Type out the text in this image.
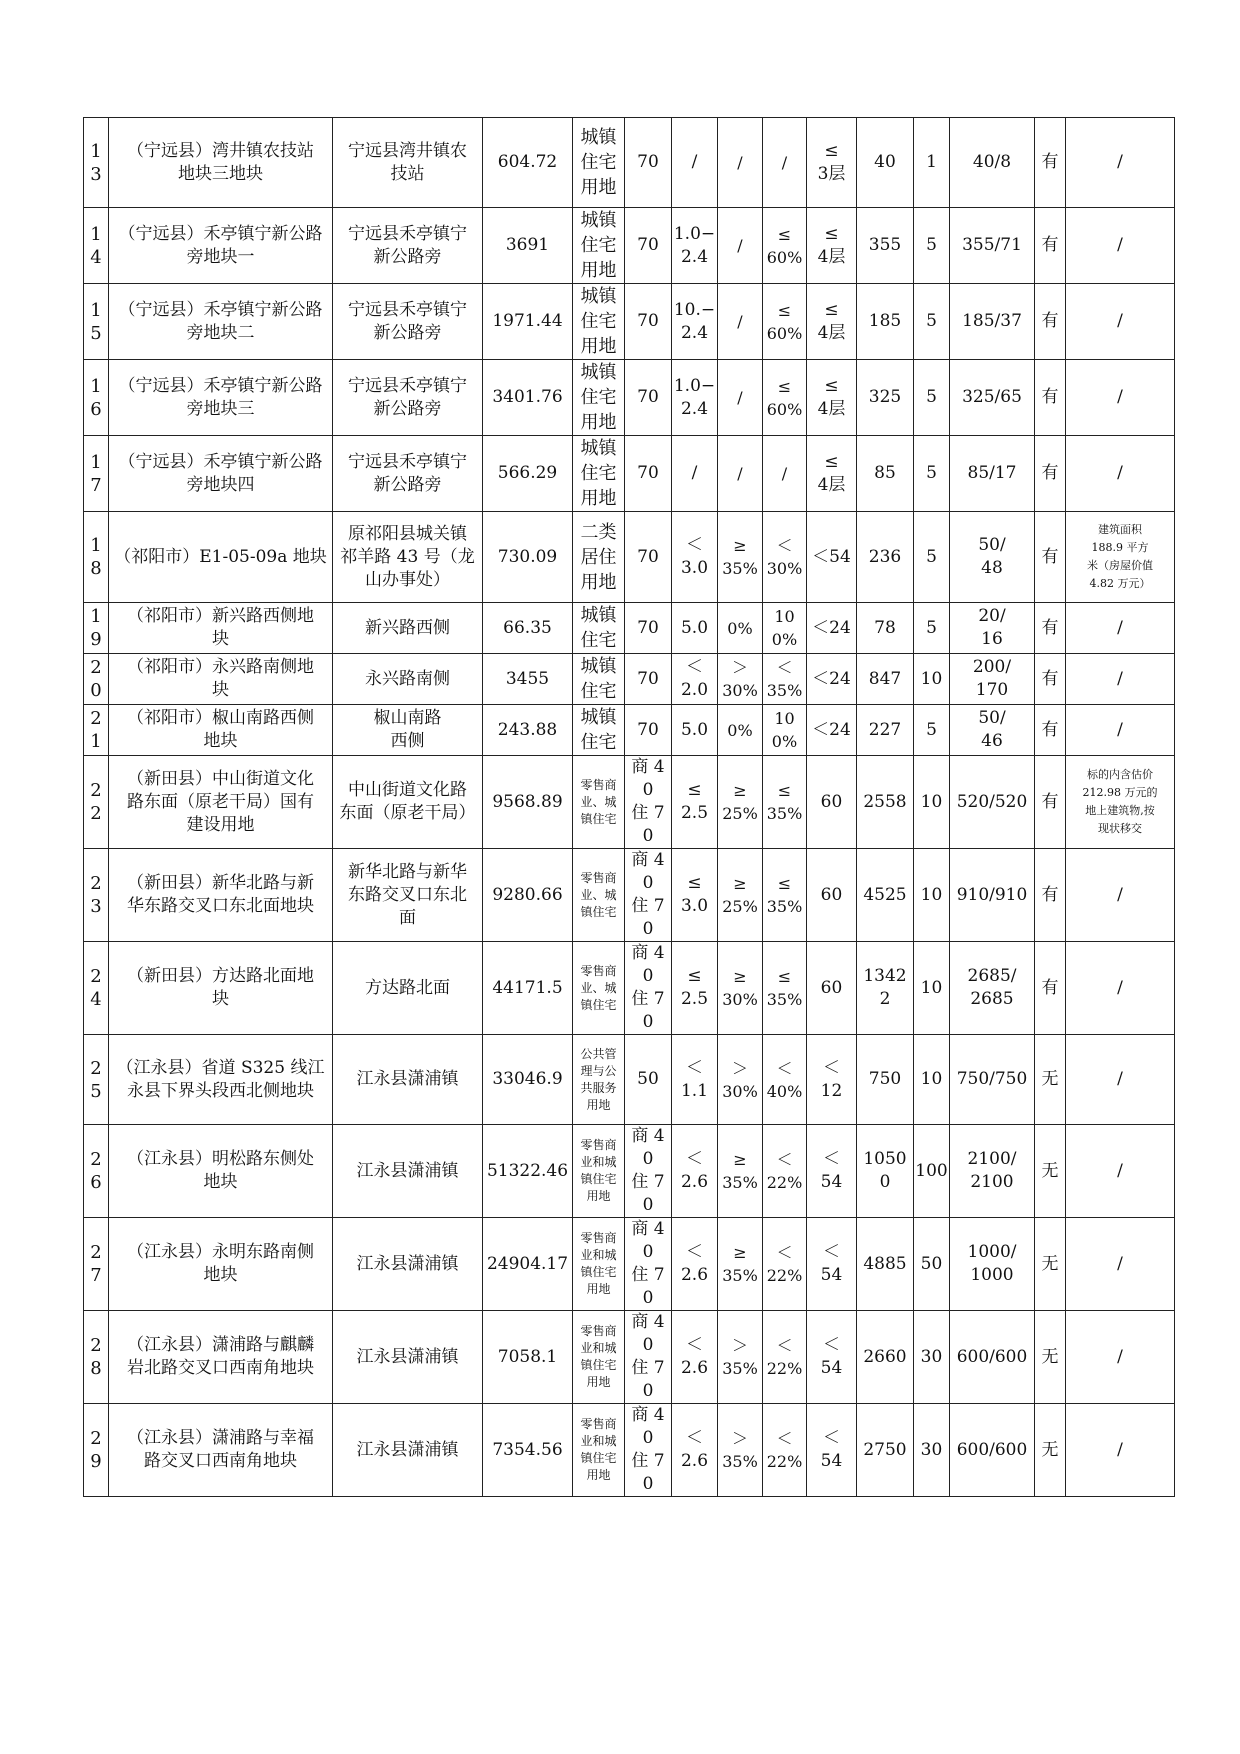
13	（宁远县）湾井镇农技站
地块三地块	宁远县湾井镇农
技站	604.72	城镇
住宅
用地	70	/	/	/	≤
3层	40	1	40/8	有	/
14	（宁远县）禾亭镇宁新公路
旁地块一	宁远县禾亭镇宁
新公路旁	3691	城镇
住宅
用地	70	1.0−
2.4	/	≤
60%	≤
4层	355	5	355/71	有	/
15	（宁远县）禾亭镇宁新公路
旁地块二	宁远县禾亭镇宁
新公路旁	1971.44	城镇
住宅
用地	70	10.−
2.4	/	≤
60%	≤
4层	185	5	185/37	有	/
16	（宁远县）禾亭镇宁新公路
旁地块三	宁远县禾亭镇宁
新公路旁	3401.76	城镇
住宅
用地	70	1.0−
2.4	/	≤
60%	≤
4层	325	5	325/65	有	/
17	（宁远县）禾亭镇宁新公路
旁地块四	宁远县禾亭镇宁
新公路旁	566.29	城镇
住宅
用地	70	/	/	/	≤
4层	85	5	85/17	有	/
18	（祁阳市）E1-05-09a 地块	原祁阳县城关镇
祁羊路 43 号（龙
山办事处）	730.09	二类
居住
用地	70	＜
3.0	≥
35%	＜
30%	＜54	236	5	50/
48	有	建筑面积
188.9 平方
米（房屋价值
4.82 万元）
19	（祁阳市）新兴路西侧地
块	新兴路西侧	66.35	城镇
住宅	70	5.0	0%	100%	＜24	78	5	20/
16	有	/
20	（祁阳市）永兴路南侧地
块	永兴路南侧	3455	城镇
住宅	70	＜
2.0	＞
30%	＜
35%	＜24	847	10	200/
170	有	/
21	（祁阳市）椒山南路西侧
地块	椒山南路
西侧	243.88	城镇
住宅	70	5.0	0%	100%	＜24	227	5	50/
46	有	/
22	（新田县）中山街道文化
路东面（原老干局）国有
建设用地	中山街道文化路
东面（原老干局）	9568.89	零售商
业、城
镇住宅	商 40
住 70	≤
2.5	≥
25%	≤
35%	60	2558	10	520/520	有	标的内含估价
212.98 万元的
地上建筑物,按
现状移交
23	（新田县）新华北路与新
华东路交叉口东北面地块	新华北路与新华
东路交叉口东北
面	9280.66	零售商
业、城
镇住宅	商 40
住 70	≤
3.0	≥
25%	≤
35%	60	4525	10	910/910	有	/
24	（新田县）方达路北面地
块	方达路北面	44171.5	零售商
业、城
镇住宅	商 40
住 70	≤
2.5	≥
30%	≤
35%	60	13422	10	2685/
2685	有	/
25	（江永县）省道 S325 线江
永县下界头段西北侧地块	江永县潇浦镇	33046.9	公共管
理与公
共服务
用地	50	＜
1.1	＞
30%	＜
40%	＜
12	750	10	750/750	无	/
26	（江永县）明松路东侧处
地块	江永县潇浦镇	51322.46	零售商
业和城
镇住宅
用地	商 40
住 70	＜
2.6	≥
35%	＜
22%	＜
54	10500	100	2100/
2100	无	/
27	（江永县）永明东路南侧
地块	江永县潇浦镇	24904.17	零售商
业和城
镇住宅
用地	商 40
住 70	＜
2.6	≥
35%	＜
22%	＜
54	4885	50	1000/
1000	无	/
28	（江永县）潇浦路与麒麟
岩北路交叉口西南角地块	江永县潇浦镇	7058.1	零售商
业和城
镇住宅
用地	商 40
住 70	＜
2.6	＞
35%	＜
22%	＜
54	2660	30	600/600	无	/
29	（江永县）潇浦路与幸福
路交叉口西南角地块	江永县潇浦镇	7354.56	零售商
业和城
镇住宅
用地	商 40
住 70	＜
2.6	＞
35%	＜
22%	＜
54	2750	30	600/600	无	/
